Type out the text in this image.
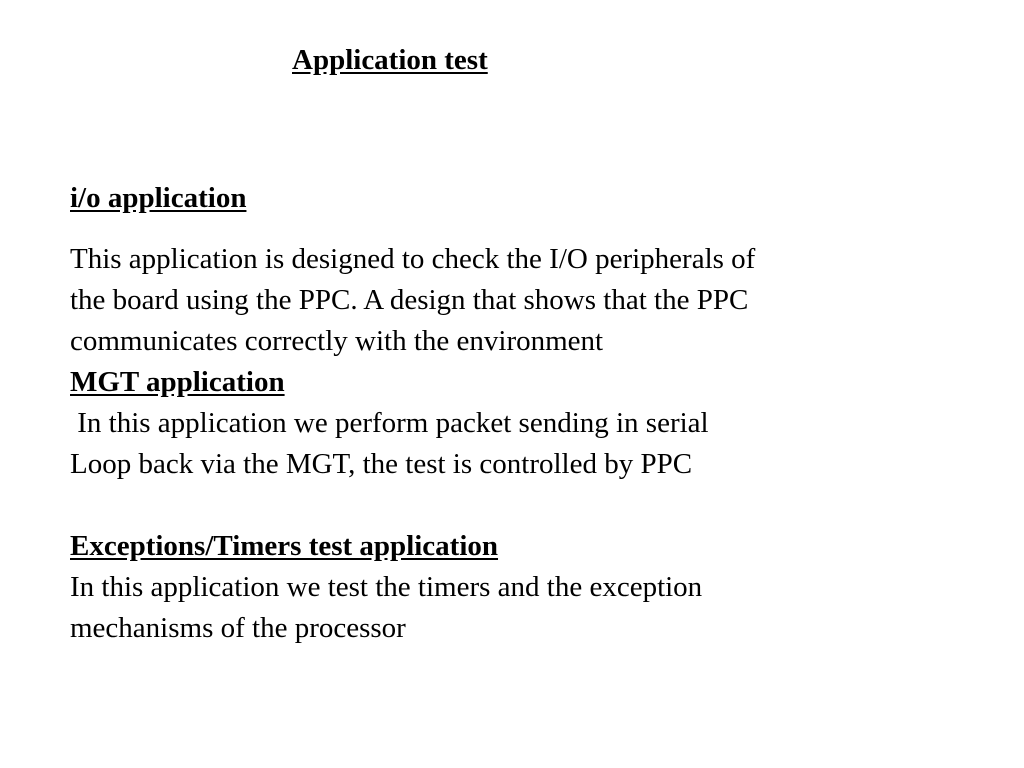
Application test
i/o application
This application is designed to check the I/O peripherals of
the board using the PPC. A design that shows that the PPC
communicates correctly with the environment
MGT application
In this application we perform packet sending in serial
Loop back via the MGT, the test is controlled by PPC
Exceptions/Timers test application
In this application we test the timers and the exception
mechanisms of the processor
